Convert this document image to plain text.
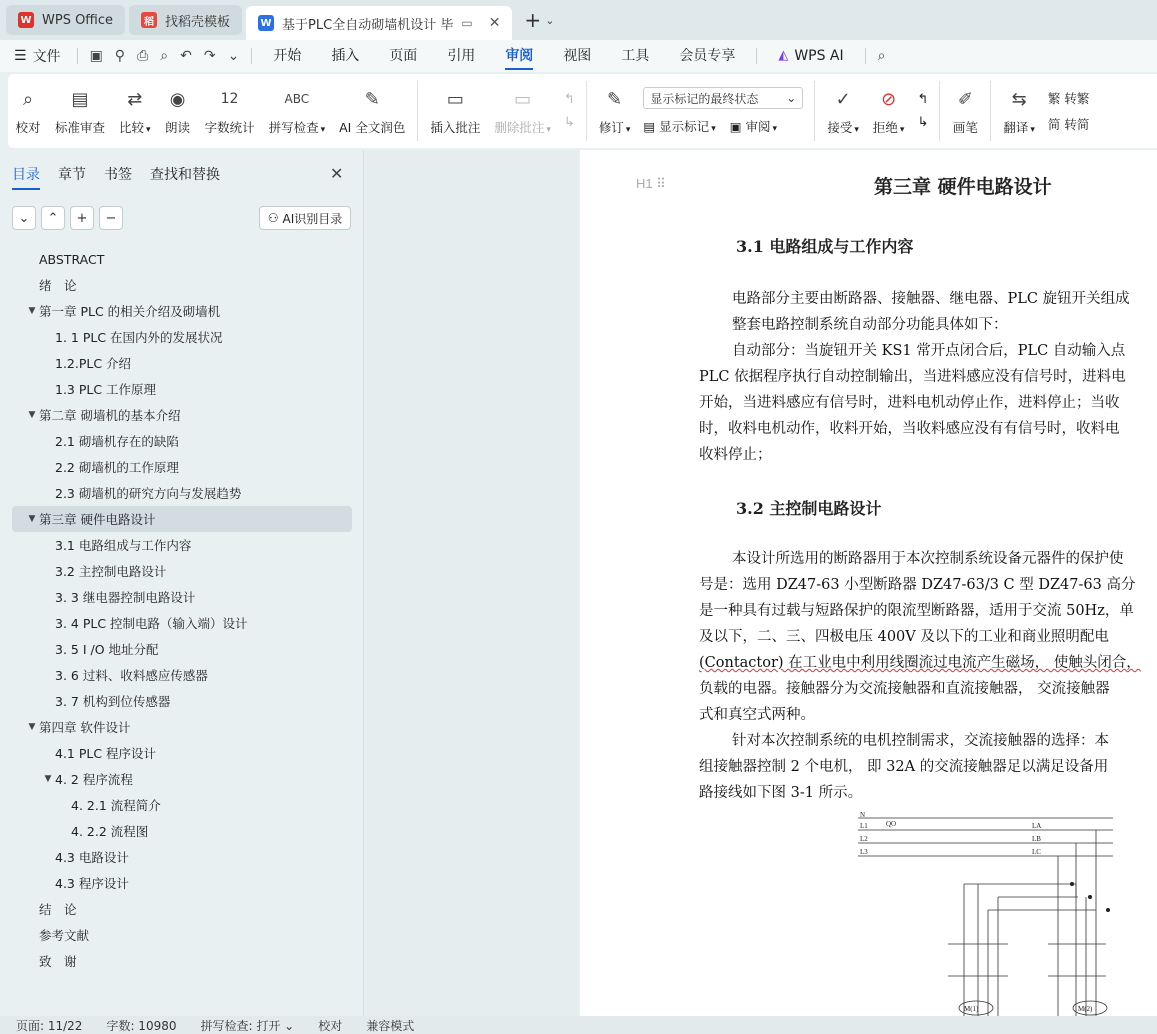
W WPS Office	稻 找稻壳模板	W 基于PLC全自动砌墙机设计 毕 ▭ ✕ + ⌄
☰ 文件	▣ ⚲ ⎙ ⌕ ↶ ↷ ⌄	开始	插入	页面	引用	审阅	视图	工具	会员专享	◭ WPS AI	⌕
⌕
校对
▤
标准审查
⇄
比较 ▾
◉
朗读
12
字数统计
ABC
拼写检查 ▾
✎
AI 全文润色
▭
插入批注
▭
删除批注 ▾
↰
↳
✎
修订 ▾
显示标记的最终状态 ⌄
▤ 显示标记 ▾ ▣ 审阅 ▾
✓
接受 ▾
⊘
拒绝 ▾
↰
↳
✐
画笔
⇆
翻译 ▾
繁 转繁
简 转简
目录 章节 书签 查找和替换	✕
⌄	⌃	+	−	⚇ AI识别目录
ABSTRACT
绪　论
▼ 第一章 PLC 的相关介绍及砌墙机
1. 1 PLC 在国内外的发展状况
1.2.PLC 介绍
1.3 PLC 工作原理
▼ 第二章 砌墙机的基本介绍
2.1 砌墙机存在的缺陷
2.2 砌墙机的工作原理
2.3 砌墙机的研究方向与发展趋势
▼ 第三章 硬件电路设计
3.1 电路组成与工作内容
3.2 主控制电路设计
3. 3 继电器控制电路设计
3. 4 PLC 控制电路（输入端）设计
3. 5 I /O 地址分配
3. 6 过料、收料感应传感器
3. 7 机构到位传感器
▼ 第四章 软件设计
4.1 PLC 程序设计
▼ 4. 2 程序流程
4. 2.1 流程简介
4. 2.2 流程图
4.3 电路设计
4.3 程序设计
结　论
参考文献
致　谢
H1 ⠿	第三章 硬件电路设计
3.1 电路组成与工作内容
电路部分主要由断路器、接触器、继电器、PLC 旋钮开关组成
整套电路控制系统自动部分功能具体如下：
自动部分：当旋钮开关 KS1 常开点闭合后，PLC 自动输入点
PLC 依据程序执行自动控制输出，当进料感应没有信号时，进料电
开始，当进料感应有信号时，进料电机动停止作，进料停止；当收
时，收料电机动作，收料开始，当收料感应没有有信号时，收料电
收料停止；
3.2 主控制电路设计
本设计所选用的断路器用于本次控制系统设备元器件的保护使
号是：选用 DZ47-63 小型断路器 DZ47-63/3 C 型 DZ47-63 高分
是一种具有过载与短路保护的限流型断路器，适用于交流 50Hz，单
及以下，二、三、四极电压 400V 及以下的工业和商业照明配电
(Contactor) 在工业电中利用线圈流过电流产生磁场， 使触头闭合，
负载的电器。接触器分为交流接触器和直流接触器， 交流接触器
式和真空式两种。
针对本次控制系统的电机控制需求，交流接触器的选择：本
组接触器控制 2 个电机， 即 32A 的交流接触器足以满足设备用
路接线如下图 3-1 所示。
N
L1
L2
L3
QO	LA
LB
LC
M(1)	M(2)
页面: 11/22 字数: 10980 拼写检查: 打开 ⌄ 校对 兼容模式
